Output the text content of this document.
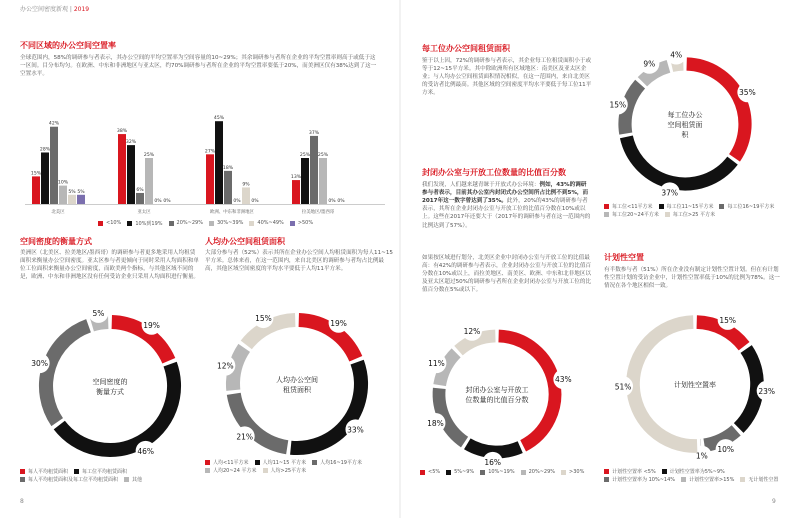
办公空间密度新观 | 2019
不同区域的办公空间空置率
全球范围内，58%的调研参与者表示，其办公空间的平均空置率为空间容量的10~29%；其余调研参与者所在企业的平均空置率则高于或低于这一区间。目分布均匀。在欧洲、中东和非洲地区与亚太区，约70%调研参与者所在企业的平均空置率要低于20%，而美洲区仅有38%达到了这一空置水平。
15%
28%
42%
10%
5% 5%
北美区
38%
32%
6%
25%
0% 0%
亚太区
27%
45%
18%
0%
9%
0%
欧洲、中东和非洲地区
13%
25%
37%
25%
0% 0%
拉美地区/墨西哥
<10%	10%到19%	20%~29%	30%~39%	40%~49%	>50%
空间密度的衡量方式
美洲区（北美区、拉美地区/墨西哥）的调研参与者更多地采用人均租赁面积来衡量办公空间密度。亚太区参与者更倾向于同时采用人均面积和单位工位面积来衡量办公空间密度，而欧美两个指标，与其他区域不同的是，欧洲、中东和非洲地区没有任何受访企业只采用人均面积进行衡量。
人均办公空间租赁面积
大部分参与者（52%）表示其所在企业办公空间人均租赁面积为每人11~15平方米。总体来看，在这一范围内，来自北美区的调研参与者均占比例最高，其他区域空间密度的平均水平要低于人均11平方米。
19%
46%
30%
5%
空间密度的
衡量方式
19%
33%
21%
12%
15%
人均办公空间
租赁面积
35%
37%
15%
9%
4%
每工位办公
空间租赁面
积
43%
16%
18%
11%
12%
封闭办公室与开放工
位数量的比值百分数
15%
23%
10%
1%
51%	计划性空置率
每人平均租赁面积	每工位平均租赁面积
每人平均租赁面积及每工位平均租赁面积	其他
人均<11平方米	人均11~15 平方米	人均16~19平方米
人均20~24 平方米	人均>25平方米
每工位<11平方米	每工位11~15平方米	每工位16~19平方米
每工位20~24平方米	每工位>25 平方米
<5%	5%~9%	10%~19%	20%~29%	>30%	计划性空置率 <5%	计划性空置率为5%~9%
计划性空置率为 10%~14%	计划性空置率>15%	无计划性空置
每工位办公空间租赁面积
鉴于以上因，72%的调研参与者表示，其企业每工位租赁面积小于或等于12~15平方米。其中除欧洲所有区域地区：南美区及亚太区企业；与人均办公空间租赁面积情况相似，在这一范围内，来自北美区的受访者比例最高。其他区域的空间密度平均水平要低于每工位11平方米。
封闭办公室与开放工位数量的比值百分数
我们发现，人们越来越青睐于开放式办公环境：例如，43%的调研参与者表示，目前其办公室内封闭式办公空间所占比例不到5%，而2017年这一数字曾达到了35%。此外，20%的43%的调研参与者表示，其所在企业封闭办公室与开放工位的比值百分数在10%或以上。这些在2017年还要大于（2017年的调研参与者在这一范围内的比例达到了57%）。
如果按区域进行划分，北美区企业中封闭办公室与开放工位的比值最高：有42%的调研参与者表示，企业封闭办公室与开放工位的比值百分数在10%或以上，而拉美地区、南美区、欧洲、中东和北非地区以及亚太区超过50%的调研参与者所在企业封闭办公室与开放工位的比值百分数在5%或以下。
计划性空置
有半数参与者（51%）所在企业没有制定计划性空置计划。但在有计划性空置计划的受访企业中，计划性空置率低于10%的比例为78%。这一情况在各个地区相似一致。
8	9
